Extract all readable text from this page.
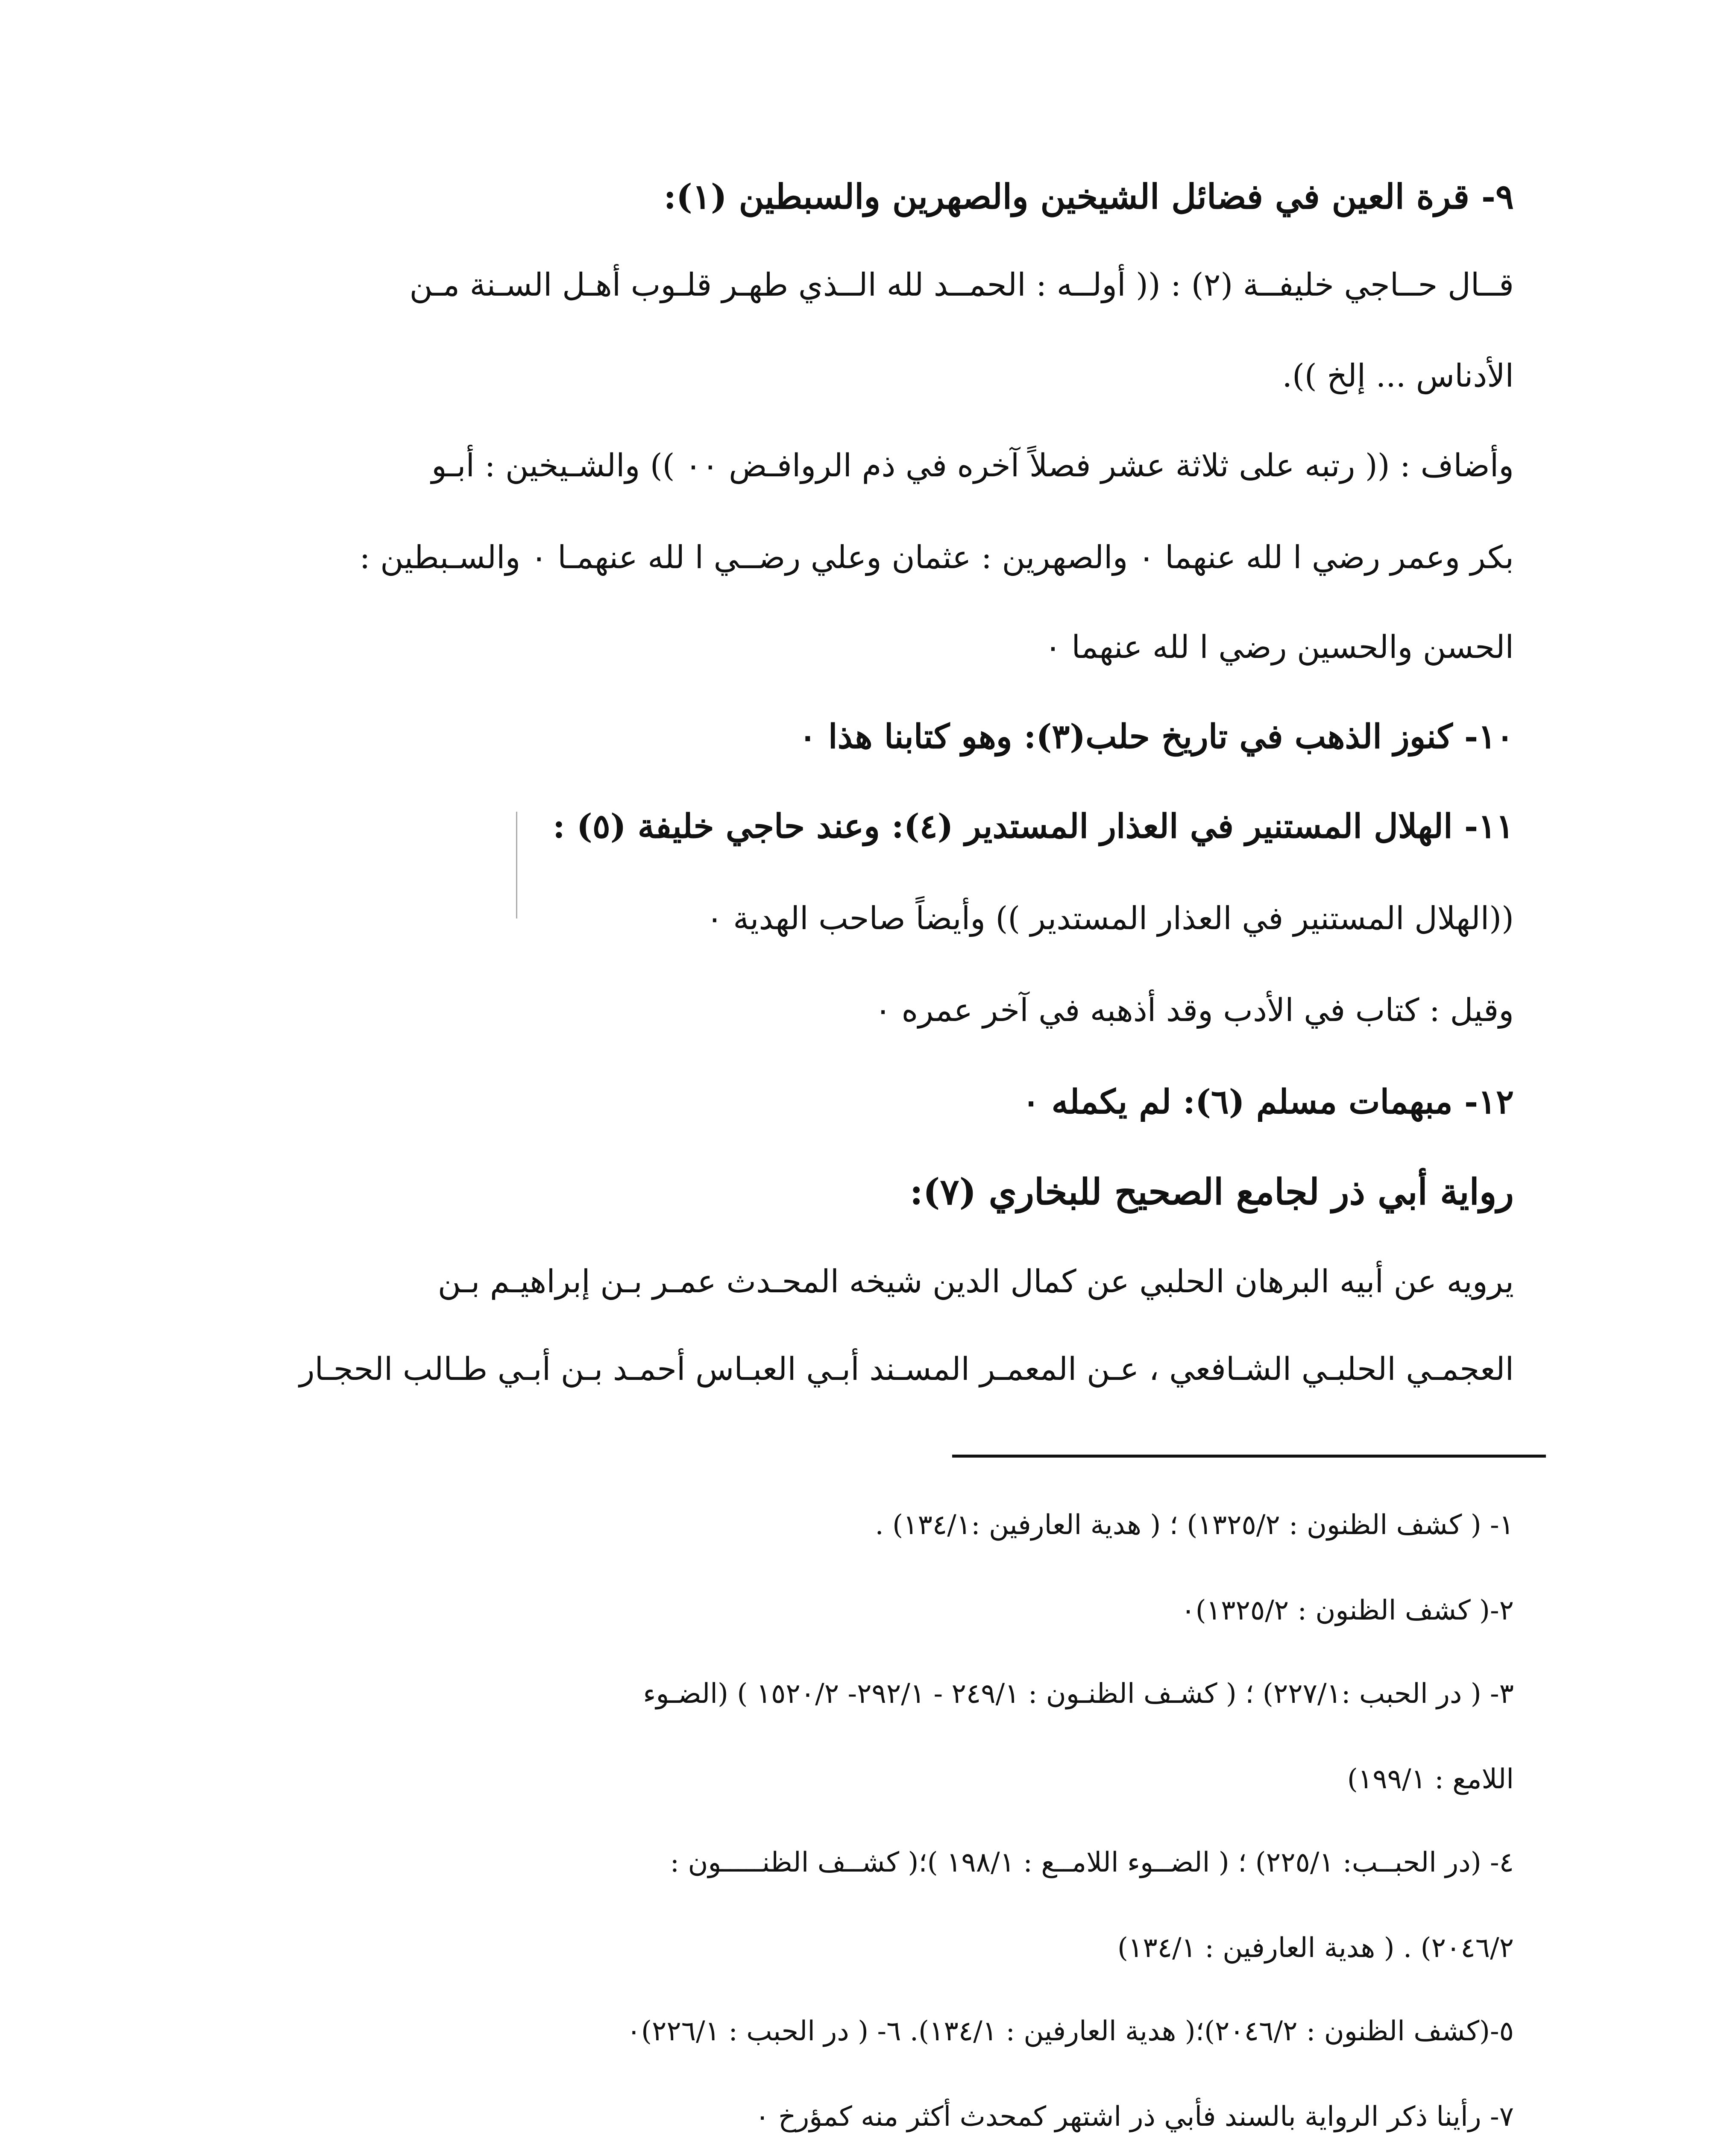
٩- قرة العين في فضائل الشيخين والصهرين والسبطين (١):
قــال حــاجي خليفــة (٢) : (( أولــه : الحمــد لله الــذي طهـر قلـوب أهـل السـنة مـن
الأدناس ... إلخ )).
وأضاف : (( رتبه على ثلاثة عشر فصلاً آخره في ذم الروافـض ٠٠ )) والشـيخين : أبـو
بكر وعمر رضي ا لله عنهما ٠ والصهرين : عثمان وعلي رضــي ا لله عنهمـا ٠ والسـبطين :
الحسن والحسين رضي ا لله عنهما ٠
١٠- كنوز الذهب في تاريخ حلب(٣): وهو كتابنا هذا ٠
١١- الهلال المستنير في العذار المستدير (٤): وعند حاجي خليفة (٥) :
((الهلال المستنير في العذار المستدير )) وأيضاً صاحب الهدية ٠
وقيل : كتاب في الأدب وقد أذهبه في آخر عمره ٠
١٢- مبهمات مسلم (٦): لم يكمله ٠
رواية أبي ذر لجامع الصحيح للبخاري (٧):
يرويه عن أبيه البرهان الحلبي عن كمال الدين شيخه المحـدث عمـر بـن إبراهيـم بـن
العجمـي الحلبـي الشـافعي ، عـن المعمـر المسـند أبـي العبـاس أحمـد بـن أبـي طـالب الحجـار
١- ( كشف الظنون : ١٣٢٥/٢) ؛ ( هدية العارفين :١٣٤/١) .
٢-( كشف الظنون : ١٣٢٥/٢)٠
٣- ( در الحبب :٢٢٧/١) ؛ ( كشـف الظنـون : ٢٤٩/١ - ٢٩٢/١- ١٥٢٠/٢ ) (الضـوء
اللامع : ١٩٩/١)
٤- (در الحبــب: ٢٢٥/١) ؛ ( الضــوء اللامــع : ١٩٨/١ )؛( كشــف الظنـــــون :
٢٠٤٦/٢) . ( هدية العارفين : ١٣٤/١)
٥-(كشف الظنون : ٢٠٤٦/٢)؛( هدية العارفين : ١٣٤/١). ٦- ( در الحبب : ٢٢٦/١)٠
٧- رأينا ذكر الرواية بالسند فأبي ذر اشتهر كمحدث أكثر منه كمؤرخ ٠
